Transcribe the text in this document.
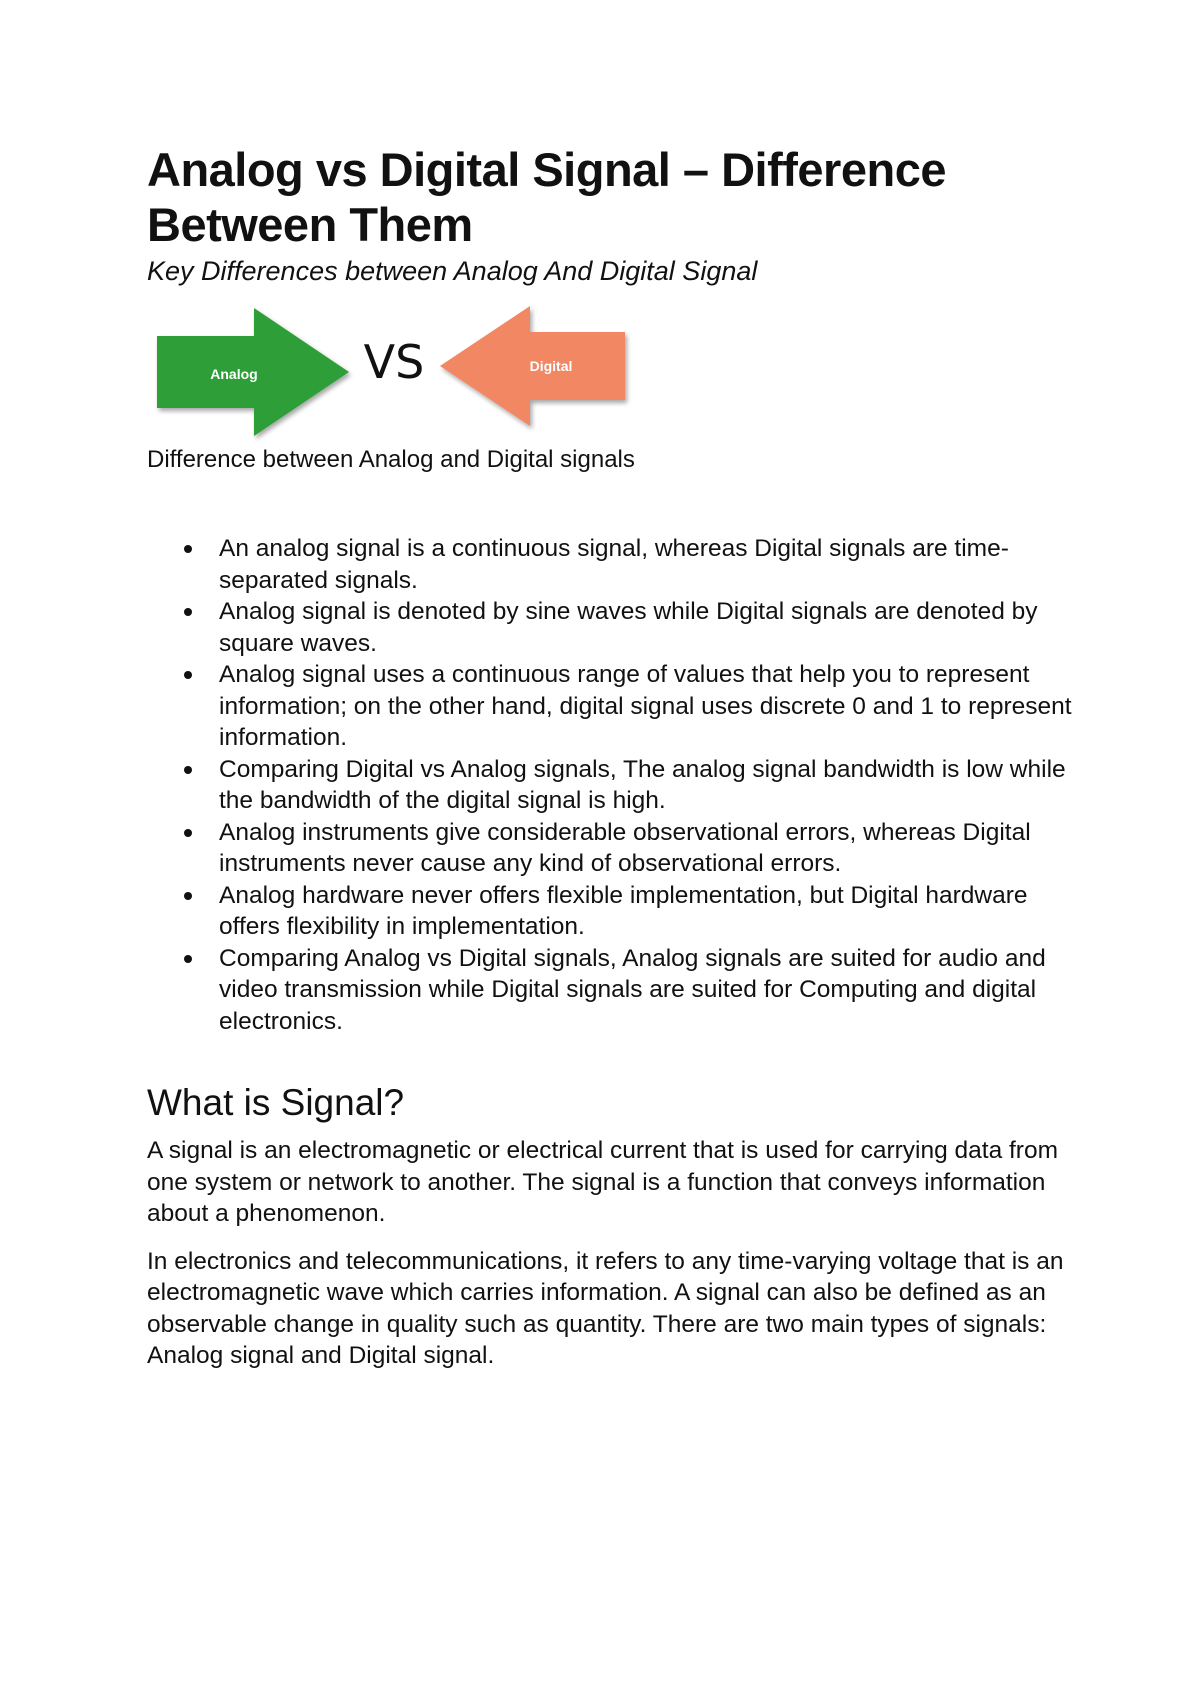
Analog vs Digital Signal – Difference Between Them
Key Differences between Analog And Digital Signal
Analog VS	Digital
Difference between Analog and Digital signals
An analog signal is a continuous signal, whereas Digital signals are time-separated signals.
Analog signal is denoted by sine waves while Digital signals are denoted by square waves.
Analog signal uses a continuous range of values that help you to represent information; on the other hand, digital signal uses discrete 0 and 1 to represent information.
Comparing Digital vs Analog signals, The analog signal bandwidth is low while the bandwidth of the digital signal is high.
Analog instruments give considerable observational errors, whereas Digital instruments never cause any kind of observational errors.
Analog hardware never offers flexible implementation, but Digital hardware offers flexibility in implementation.
Comparing Analog vs Digital signals, Analog signals are suited for audio and video transmission while Digital signals are suited for Computing and digital electronics.
What is Signal?

A signal is an electromagnetic or electrical current that is used for carrying data from one system or network to another. The signal is a function that conveys information about a phenomenon.

In electronics and telecommunications, it refers to any time-varying voltage that is an electromagnetic wave which carries information. A signal can also be defined as an observable change in quality such as quantity. There are two main types of signals: Analog signal and Digital signal.
